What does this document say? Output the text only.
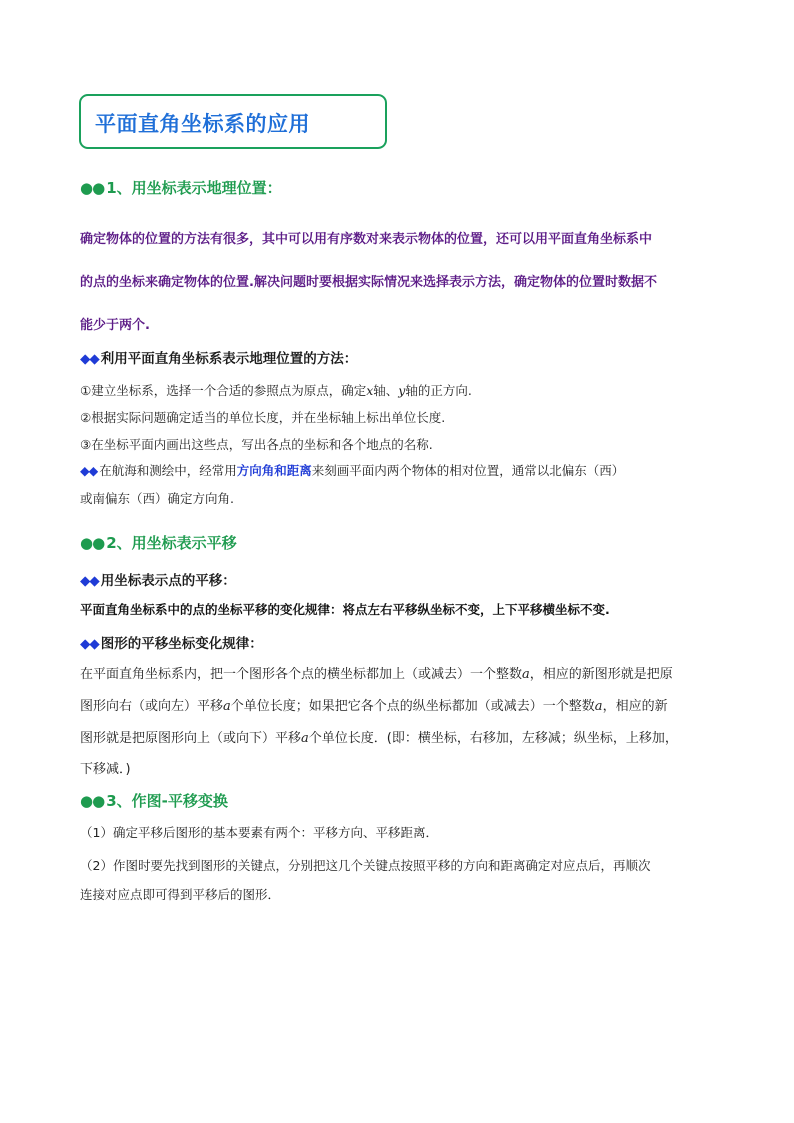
平面直角坐标系的应用
●● 1、用坐标表示地理位置：
确定物体的位置的方法有很多，其中可以用有序数对来表示物体的位置，还可以用平面直角坐标系中
的点的坐标来确定物体的位置.解决问题时要根据实际情况来选择表示方法，确定物体的位置时数据不
能少于两个.
◆◆ 利用平面直角坐标系表示地理位置的方法：
①建立坐标系，选择一个合适的参照点为原点，确定x轴、y轴的正方向.
②根据实际问题确定适当的单位长度，并在坐标轴上标出单位长度.
③在坐标平面内画出这些点，写出各点的坐标和各个地点的名称.
◆◆ 在航海和测绘中，经常用方向角和距离来刻画平面内两个物体的相对位置，通常以北偏东（西）
或南偏东（西）确定方向角.
●● 2、用坐标表示平移
◆◆ 用坐标表示点的平移：
平面直角坐标系中的点的坐标平移的变化规律：将点左右平移纵坐标不变，上下平移横坐标不变.
◆◆ 图形的平移坐标变化规律：
在平面直角坐标系内，把一个图形各个点的横坐标都加上（或减去）一个整数a，相应的新图形就是把原
图形向右（或向左）平移a个单位长度；如果把它各个点的纵坐标都加（或减去）一个整数a，相应的新
图形就是把原图形向上（或向下）平移a个单位长度．(即：横坐标，右移加，左移减；纵坐标，上移加，
下移减．)
●● 3、作图-平移变换
（1）确定平移后图形的基本要素有两个：平移方向、平移距离．
（2）作图时要先找到图形的关键点，分别把这几个关键点按照平移的方向和距离确定对应点后，再顺次
连接对应点即可得到平移后的图形．
